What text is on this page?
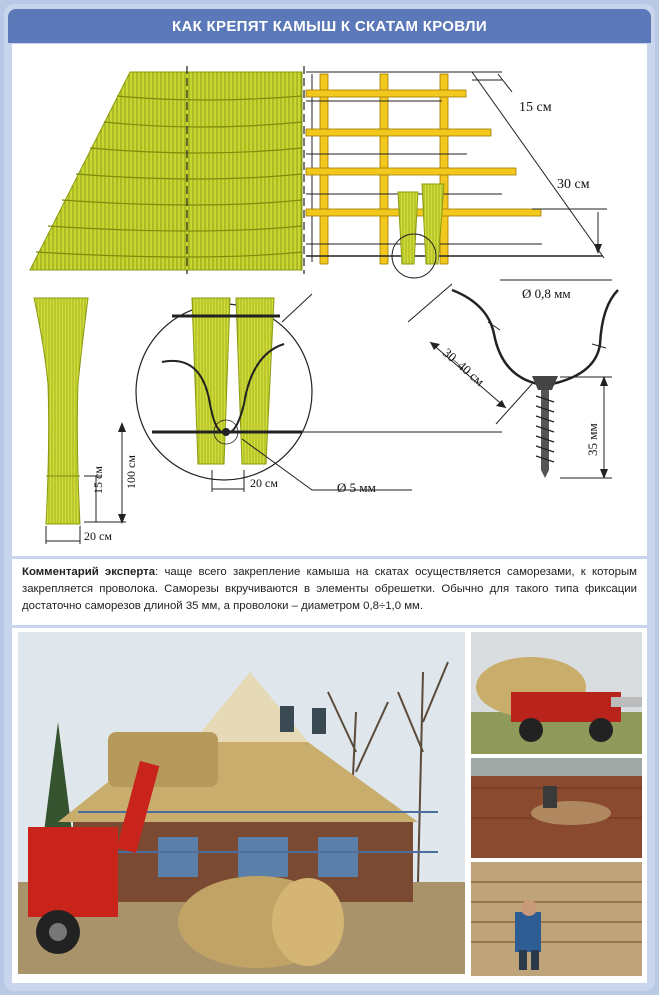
КАК КРЕПЯТ КАМЫШ К СКАТАМ КРОВЛИ
15 см
30 см
15 см 100 см
20 см
20 см	Ø 5 мм
Ø 0,8 мм
30–40 см
35 мм
Комментарий эксперта: чаще всего закрепление камыша на скатах осуществляется саморезами, к которым закрепляется проволока. Саморезы вкручиваются в элементы обрешетки. Обычно для такого типа фиксации достаточно саморезов длиной 35 мм, а проволоки – диаметром 0,8÷1,0 мм.
